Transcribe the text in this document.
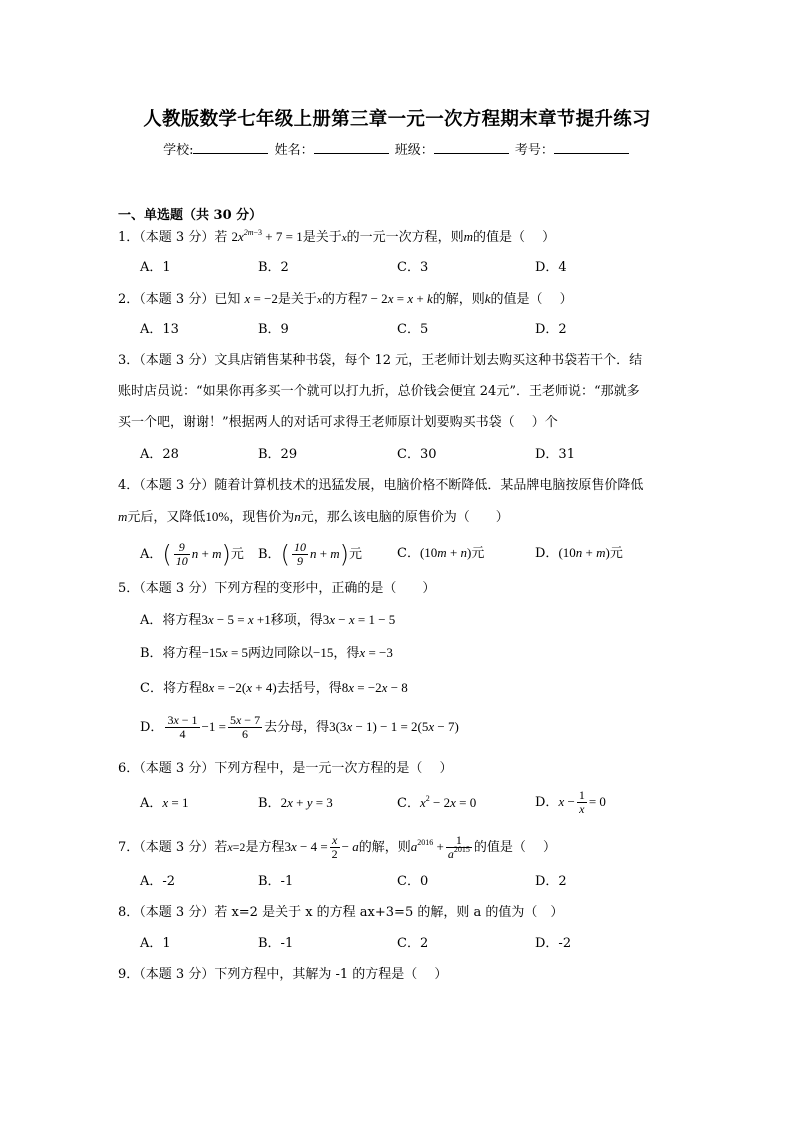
人教版数学七年级上册第三章一元一次方程期末章节提升练习
学校:	姓名：	班级：	考号：
一、单选题（共 30 分）
1．（本题 3 分）若 $2x^{2m-3} + 7 = 1$是关于x的一元一次方程，则m的值是（　 ）
A．1	B．2	C．3	D．4
2．（本题 3 分）已知 x = −2是关于x的方程7 − 2x = x + k的解，则k的值是（　 ）
A．13	B．9	C．5	D．2
3．（本题 3 分）文具店销售某种书袋，每个 12 元，王老师计划去购买这种书袋若干个．结
账时店员说：“如果你再多买一个就可以打九折，总价钱会便宜 24元”．王老师说：“那就多
买一个吧，谢谢！”根据两人的对话可求得王老师原计划要购买书袋（　 ）个
A．28	B．29	C．30	D．31
4．（本题 3 分）随着计算机技术的迅猛发展，电脑价格不断降低．某品牌电脑按原售价降低
m元后，又降低10%，现售价为n元，那么该电脑的原售价为（　　）
A．( $\frac{9}{10}$ n + m)元 B．( $\frac{10}{9}$ n + m)元	C．(10m + n)元	D．(10n + m)元
5．（本题 3 分）下列方程的变形中，正确的是（　　）
A．将方程3x − 5 = x +1移项，得3x − x = 1 − 5
B．将方程−15x = 5两边同除以−15，得x = −3
C．将方程8x = −2(x + 4)去括号，得8x = −2x − 8
D． $\frac{3x - 1}{4} -1 = \frac{5x - 7}{6}$ 去分母，得3(3x − 1) − 1 = 2(5x − 7)
6．（本题 3 分）下列方程中，是一元一次方程的是（　 ）
A．x = 1	B．2x + y = 3	C．$x^2 - 2x = 0$	D．$x - \frac{1}{x} = 0$
7．（本题 3 分）若x=2是方程$3x - 4 = \frac{x}{2} - a$的解，则$a^{2016} + \frac{1}{a^{2015}}$ 的值是（　 ）
A．-2	B．-1	C．0	D．2
8．（本题 3 分）若 x=2 是关于 x 的方程 ax+3=5 的解，则 a 的值为（　）
A．1	B．-1	C．2	D．-2
9．（本题 3 分）下列方程中，其解为 -1 的方程是（　 ）
